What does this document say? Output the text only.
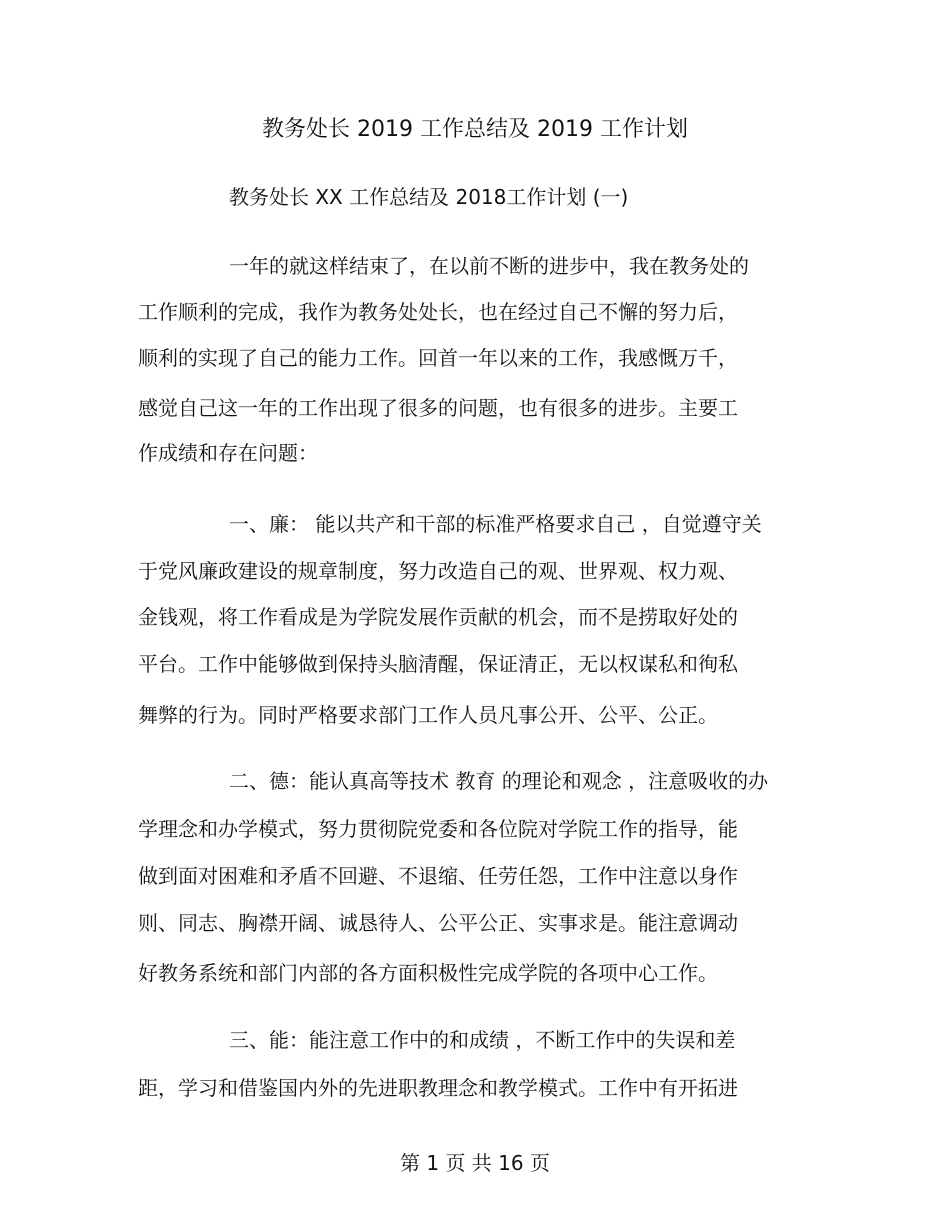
教务处长 2019 工作总结及 2019 工作计划
教务处长 XX 工作总结及 2018工作计划 (一)
一年的就这样结束了，在以前不断的进步中，我在教务处的
工作顺利的完成，我作为教务处处长，也在经过自己不懈的努力后，
顺利的实现了自己的能力工作。回首一年以来的工作，我感慨万千，
感觉自己这一年的工作出现了很多的问题，也有很多的进步。主要工
作成绩和存在问题：
一、廉： 能以共产和干部的标准严格要求自己 ，自觉遵守关
于党风廉政建设的规章制度，努力改造自己的观、世界观、权力观、
金钱观，将工作看成是为学院发展作贡献的机会，而不是捞取好处的
平台。工作中能够做到保持头脑清醒，保证清正，无以权谋私和徇私
舞弊的行为。同时严格要求部门工作人员凡事公开、公平、公正。
二、德：能认真高等技术 教育 的理论和观念 ，注意吸收的办
学理念和办学模式，努力贯彻院党委和各位院对学院工作的指导，能
做到面对困难和矛盾不回避、不退缩、任劳任怨，工作中注意以身作
则、同志、胸襟开阔、诚恳待人、公平公正、实事求是。能注意调动
好教务系统和部门内部的各方面积极性完成学院的各项中心工作。
三、能：能注意工作中的和成绩 ，不断工作中的失误和差
距，学习和借鉴国内外的先进职教理念和教学模式。工作中有开拓进
第 1 页 共 16 页
